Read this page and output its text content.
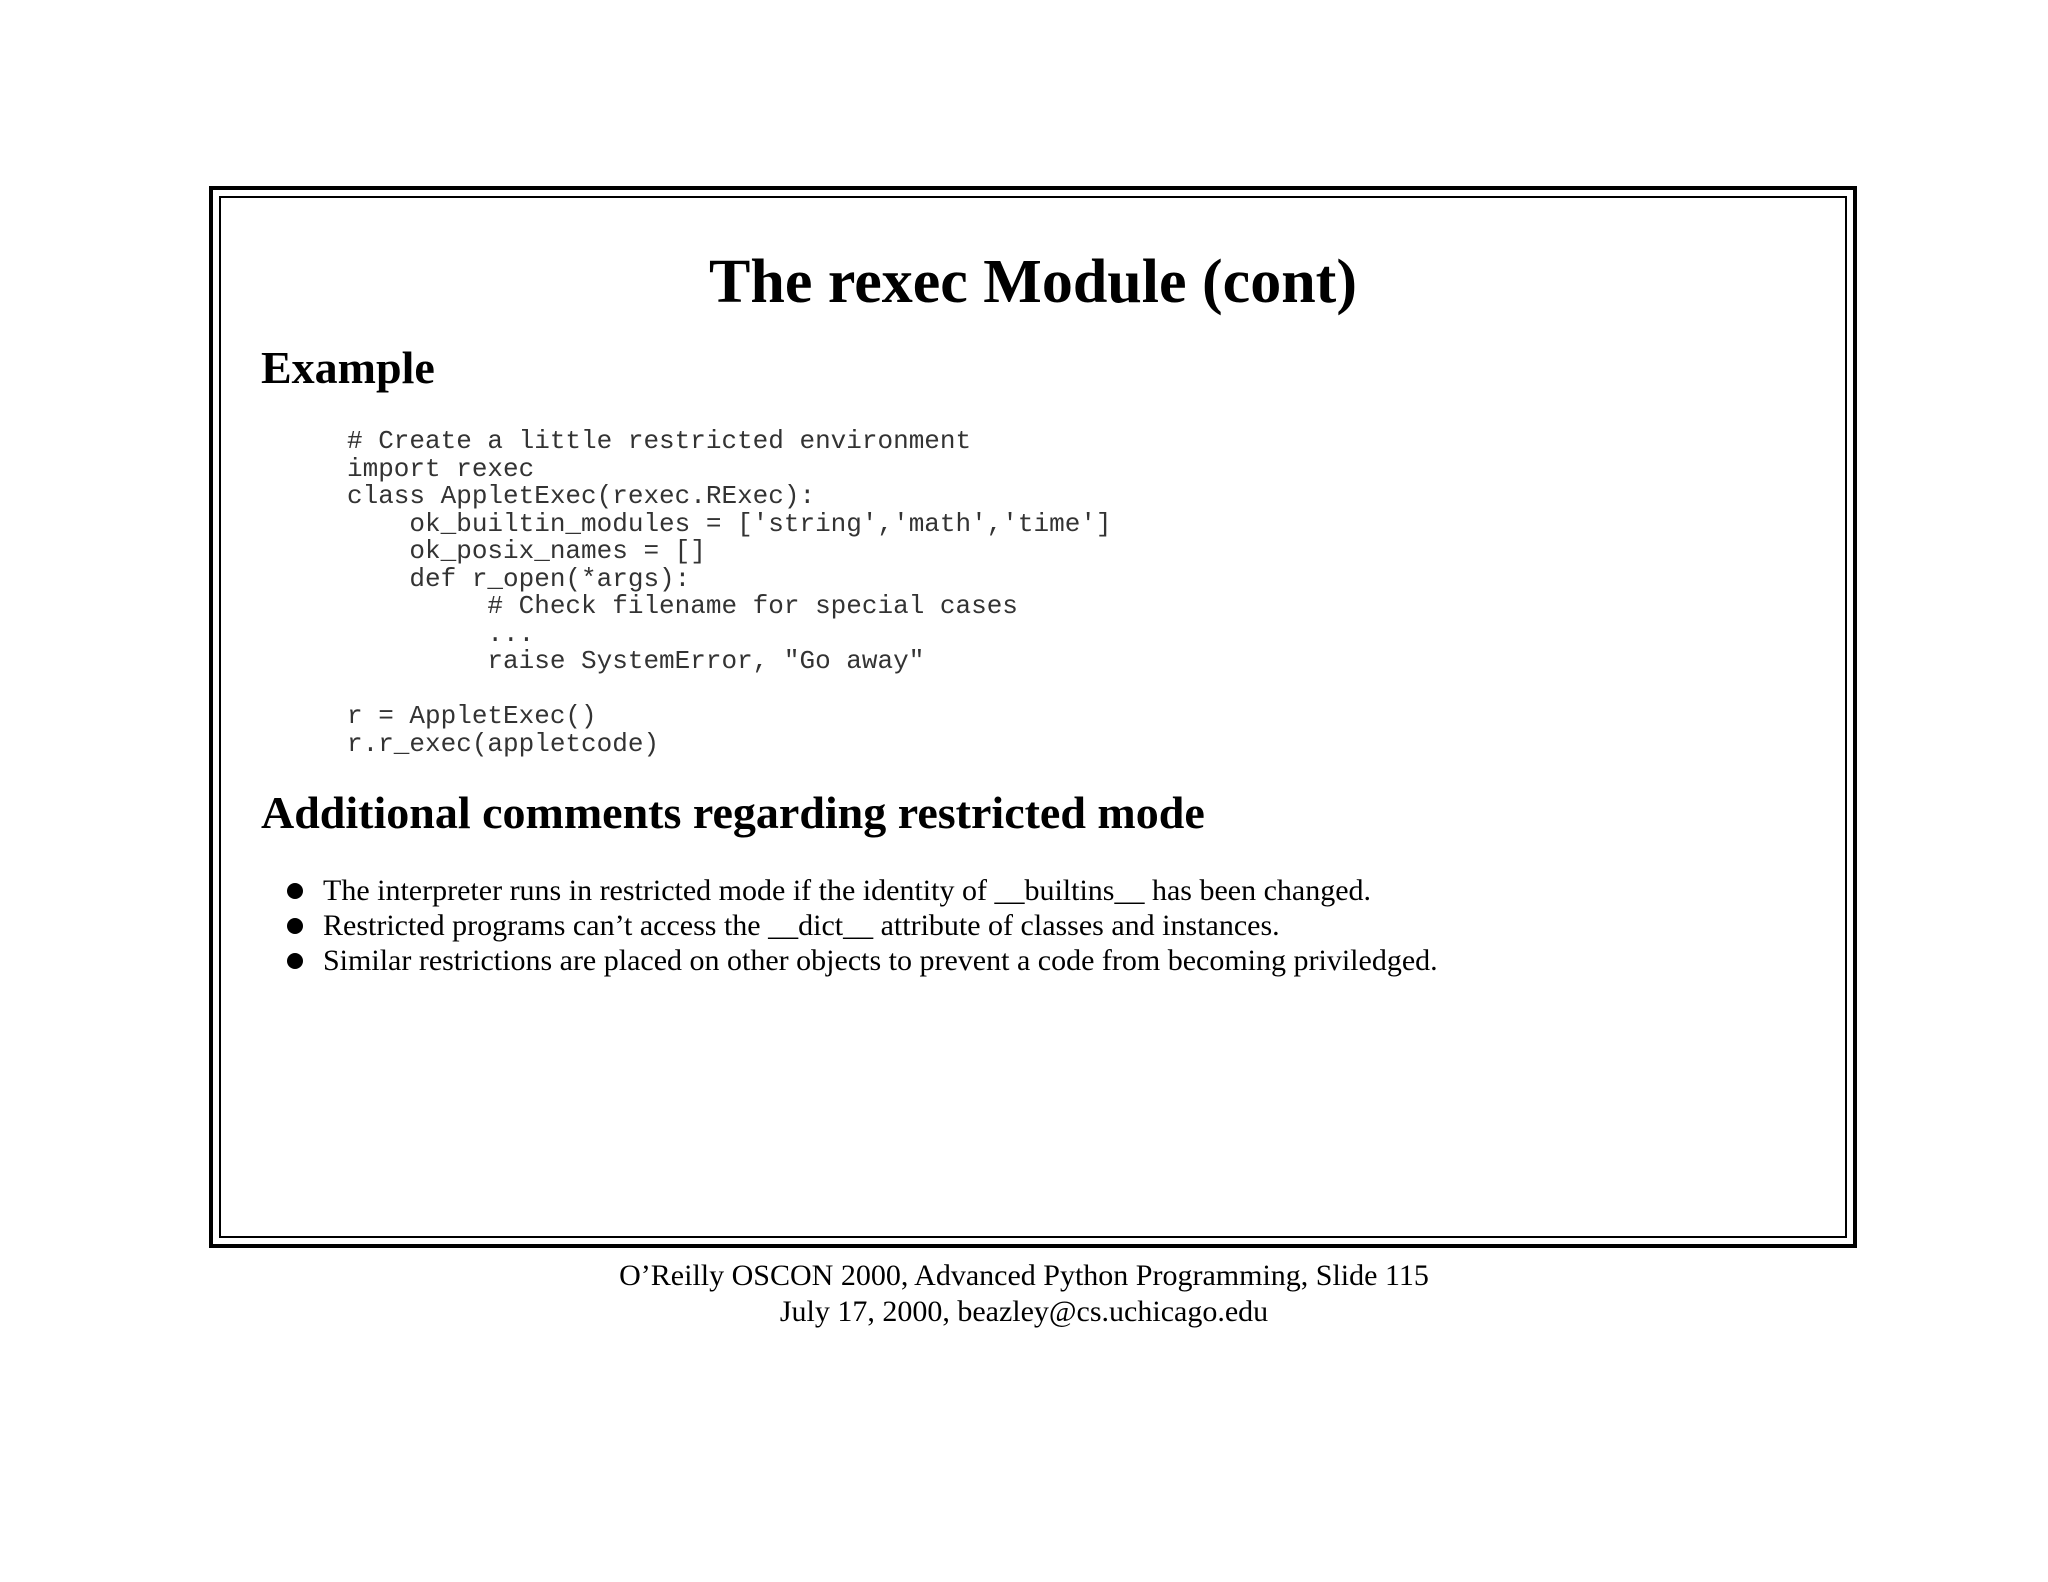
The rexec Module (cont)
Example
# Create a little restricted environment
import rexec
class AppletExec(rexec.RExec):
ok_builtin_modules = ['string','math','time']
ok_posix_names = []
def r_open(*args):
# Check filename for special cases
...
raise SystemError, "Go away"

r = AppletExec()
r.r_exec(appletcode)
Additional comments regarding restricted mode
The interpreter runs in restricted mode if the identity of __builtins__ has been changed.
Restricted programs can’t access the __dict__ attribute of classes and instances.
Similar restrictions are placed on other objects to prevent a code from becoming priviledged.
O’Reilly OSCON 2000, Advanced Python Programming, Slide 115
July 17, 2000, beazley@cs.uchicago.edu
